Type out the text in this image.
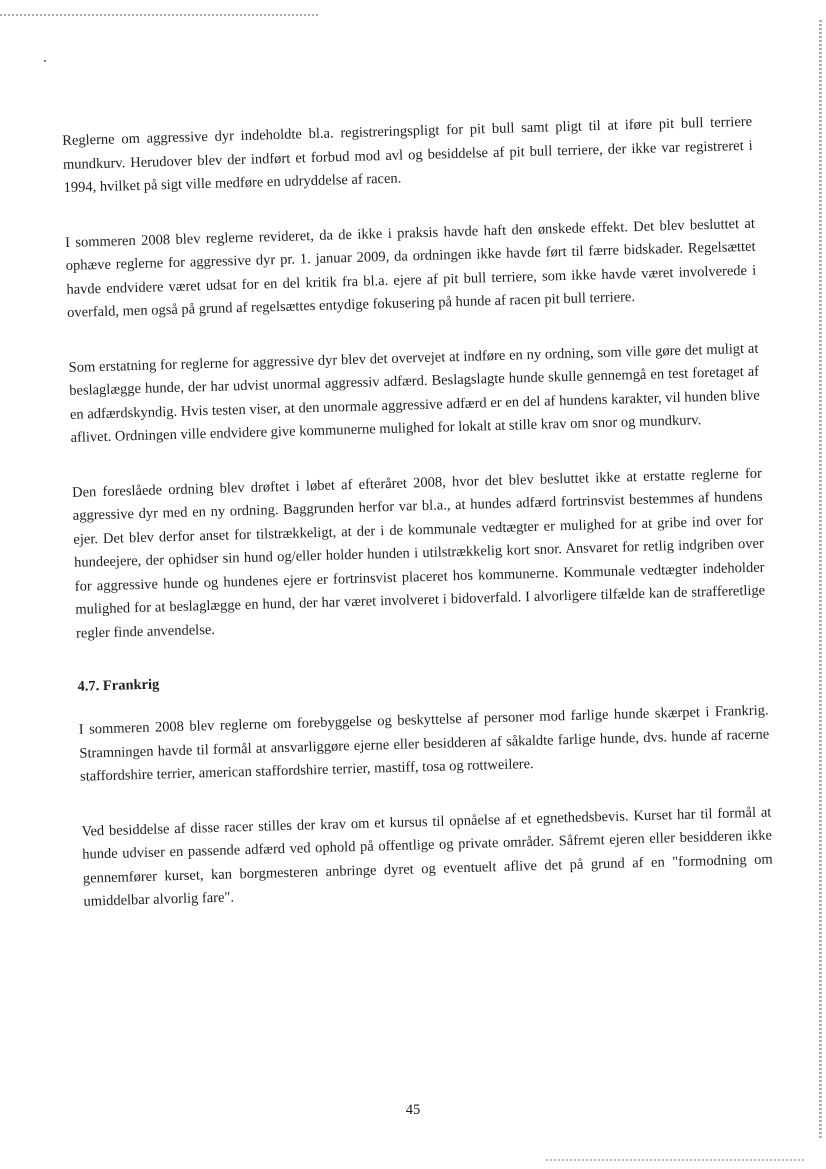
Reglerne om aggressive dyr indeholdte bl.a. registreringspligt for pit bull samt pligt til at iføre pit bull terriere mundkurv. Herudover blev der indført et forbud mod avl og besiddelse af pit bull terriere, der ikke var registreret i 1994, hvilket på sigt ville medføre en udryddelse af racen.

I sommeren 2008 blev reglerne revideret, da de ikke i praksis havde haft den ønskede effekt. Det blev besluttet at ophæve reglerne for aggressive dyr pr. 1. januar 2009, da ordningen ikke havde ført til færre bidskader. Regelsættet havde endvidere været udsat for en del kritik fra bl.a. ejere af pit bull terriere, som ikke havde været involverede i overfald, men også på grund af regelsættes entydige fokusering på hunde af racen pit bull terriere.

Som erstatning for reglerne for aggressive dyr blev det overvejet at indføre en ny ordning, som ville gøre det muligt at beslaglægge hunde, der har udvist unormal aggressiv adfærd. Beslagslagte hunde skulle gennemgå en test foretaget af en adfærdskyndig. Hvis testen viser, at den unormale aggressive adfærd er en del af hundens karakter, vil hunden blive aflivet. Ordningen ville endvidere give kommunerne mulighed for lokalt at stille krav om snor og mundkurv.

Den foreslåede ordning blev drøftet i løbet af efteråret 2008, hvor det blev besluttet ikke at erstatte reglerne for aggressive dyr med en ny ordning. Baggrunden herfor var bl.a., at hundes adfærd fortrinsvist bestemmes af hundens ejer. Det blev derfor anset for tilstrækkeligt, at der i de kommunale vedtægter er mulighed for at gribe ind over for hundeejere, der ophidser sin hund og/eller holder hunden i utilstrækkelig kort snor. Ansvaret for retlig indgriben over for aggressive hunde og hundenes ejere er fortrinsvist placeret hos kommunerne. Kommunale vedtægter indeholder mulighed for at beslaglægge en hund, der har været involveret i bidoverfald. I alvorligere tilfælde kan de strafferetlige regler finde anvendelse.

4.7. Frankrig

I sommeren 2008 blev reglerne om forebyggelse og beskyttelse af personer mod farlige hunde skærpet i Frankrig. Stramningen havde til formål at ansvarliggøre ejerne eller besidderen af såkaldte farlige hunde, dvs. hunde af racerne staffordshire terrier, american staffordshire terrier, mastiff, tosa og rottweilere.

Ved besiddelse af disse racer stilles der krav om et kursus til opnåelse af et egnethedsbevis. Kurset har til formål at hunde udviser en passende adfærd ved ophold på offentlige og private områder. Såfremt ejeren eller besidderen ikke gennemfører kurset, kan borgmesteren anbringe dyret og eventuelt aflive det på grund af en "formodning om umiddelbar alvorlig fare".

45
